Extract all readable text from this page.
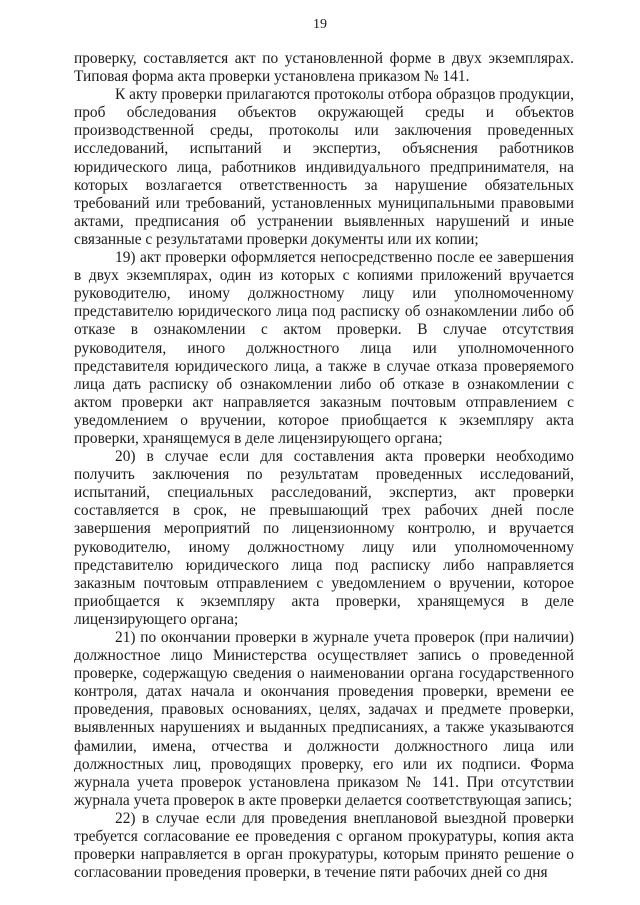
19

проверку, составляется акт по установленной форме в двух экземплярах. Типовая форма акта проверки установлена приказом № 141.

К акту проверки прилагаются протоколы отбора образцов продукции, проб обследования объектов окружающей среды и объектов производственной среды, протоколы или заключения проведенных исследований, испытаний и экспертиз, объяснения работников юридического лица, работников индивидуального предпринимателя, на которых возлагается ответственность за нарушение обязательных требований или требований, установленных муниципальными правовыми актами, предписания об устранении выявленных нарушений и иные связанные с результатами проверки документы или их копии;

19) акт проверки оформляется непосредственно после ее завершения в двух экземплярах, один из которых с копиями приложений вручается руководителю, иному должностному лицу или уполномоченному представителю юридического лица под расписку об ознакомлении либо об отказе в ознакомлении с актом проверки. В случае отсутствия руководителя, иного должностного лица или уполномоченного представителя юридического лица, а также в случае отказа проверяемого лица дать расписку об ознакомлении либо об отказе в ознакомлении с актом проверки акт направляется заказным почтовым отправлением с уведомлением о вручении, которое приобщается к экземпляру акта проверки, хранящемуся в деле лицензирующего органа;

20) в случае если для составления акта проверки необходимо получить заключения по результатам проведенных исследований, испытаний, специальных расследований, экспертиз, акт проверки составляется в срок, не превышающий трех рабочих дней после завершения мероприятий по лицензионному контролю, и вручается руководителю, иному должностному лицу или уполномоченному представителю юридического лица под расписку либо направляется заказным почтовым отправлением с уведомлением о вручении, которое приобщается к экземпляру акта проверки, хранящемуся в деле лицензирующего органа;

21) по окончании проверки в журнале учета проверок (при наличии) должностное лицо Министерства осуществляет запись о проведенной проверке, содержащую сведения о наименовании органа государственного контроля, датах начала и окончания проведения проверки, времени ее проведения, правовых основаниях, целях, задачах и предмете проверки, выявленных нарушениях и выданных предписаниях, а также указываются фамилии, имена, отчества и должности должностного лица или должностных лиц, проводящих проверку, его или их подписи. Форма журнала учета проверок установлена приказом № 141. При отсутствии журнала учета проверок в акте проверки делается соответствующая запись;

22) в случае если для проведения внеплановой выездной проверки требуется согласование ее проведения с органом прокуратуры, копия акта проверки направляется в орган прокуратуры, которым принято решение о согласовании проведения проверки, в течение пяти рабочих дней со дня
